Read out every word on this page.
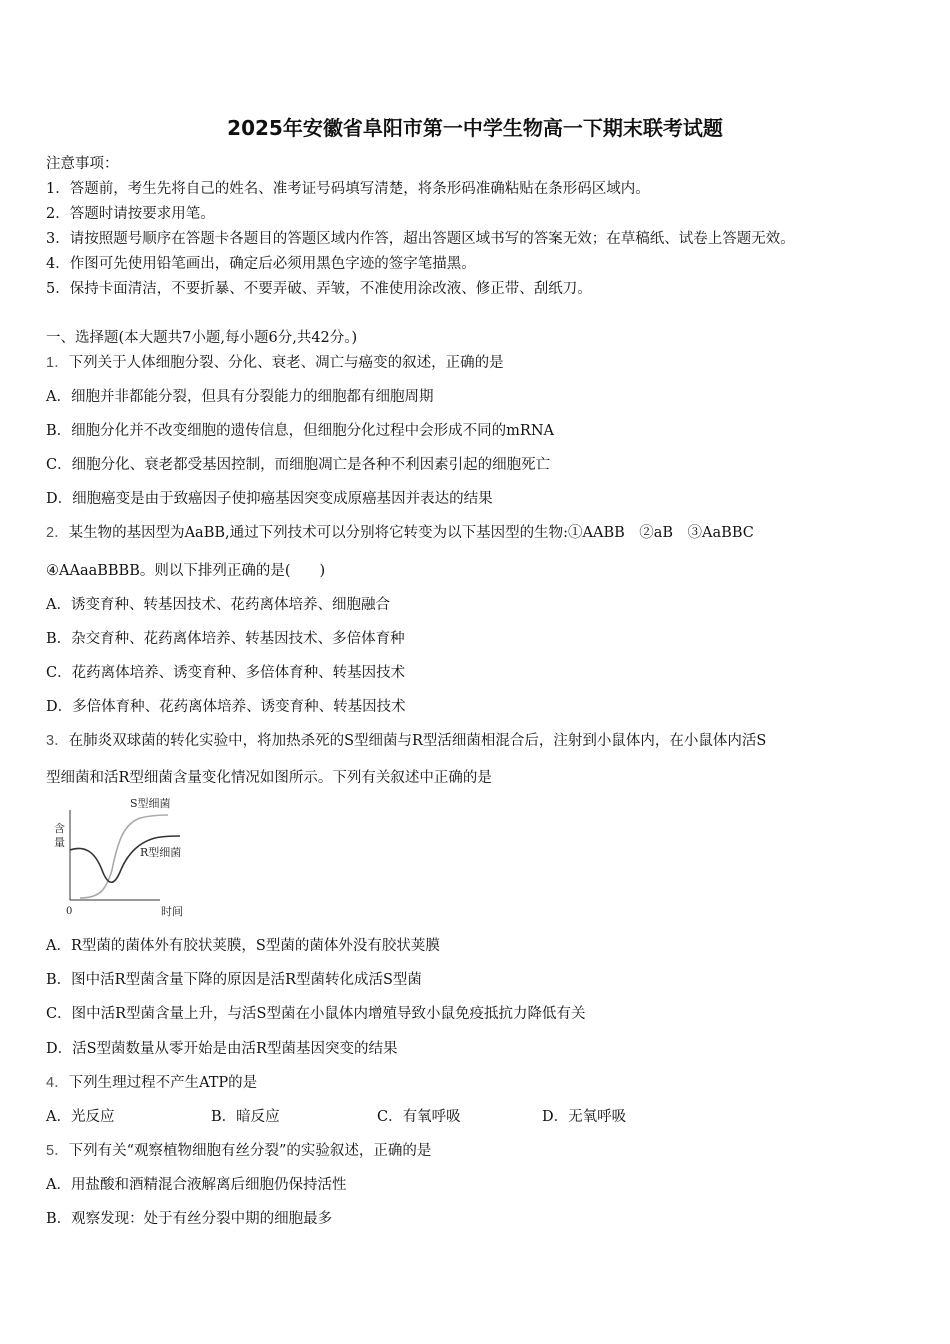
2025年安徽省阜阳市第一中学生物高一下期末联考试题
注意事项：
1．答题前，考生先将自己的姓名、准考证号码填写清楚，将条形码准确粘贴在条形码区域内。
2．答题时请按要求用笔。
3．请按照题号顺序在答题卡各题目的答题区域内作答，超出答题区域书写的答案无效；在草稿纸、试卷上答题无效。
4．作图可先使用铅笔画出，确定后必须用黑色字迹的签字笔描黑。
5．保持卡面清洁，不要折暴、不要弄破、弄皱，不准使用涂改液、修正带、刮纸刀。
一、选择题(本大题共7小题,每小题6分,共42分。)
1．下列关于人体细胞分裂、分化、衰老、凋亡与癌变的叙述，正确的是
A．细胞并非都能分裂，但具有分裂能力的细胞都有细胞周期
B．细胞分化并不改变细胞的遗传信息，但细胞分化过程中会形成不同的mRNA
C．细胞分化、衰老都受基因控制，而细胞凋亡是各种不利因素引起的细胞死亡
D．细胞癌变是由于致癌因子使抑癌基因突变成原癌基因并表达的结果
2．某生物的基因型为AaBB,通过下列技术可以分别将它转变为以下基因型的生物:①AABB　②aB　③AaBBC
④AAaaBBBB。则以下排列正确的是(　　)
A．诱变育种、转基因技术、花药离体培养、细胞融合
B．杂交育种、花药离体培养、转基因技术、多倍体育种
C．花药离体培养、诱变育种、多倍体育种、转基因技术
D．多倍体育种、花药离体培养、诱变育种、转基因技术
3．在肺炎双球菌的转化实验中，将加热杀死的S型细菌与R型活细菌相混合后，注射到小鼠体内，在小鼠体内活S
型细菌和活R型细菌含量变化情况如图所示。下列有关叙述中正确的是
含
量
0	时间
S型细菌
R型细菌
A．R型菌的菌体外有胶状荚膜，S型菌的菌体外没有胶状荚膜
B．图中活R型菌含量下降的原因是活R型菌转化成活S型菌
C．图中活R型菌含量上升，与活S型菌在小鼠体内增殖导致小鼠免疫抵抗力降低有关
D．活S型菌数量从零开始是由活R型菌基因突变的结果
4．下列生理过程不产生ATP的是
A．光反应	B．暗反应	C．有氧呼吸	D．无氧呼吸
5．下列有关“观察植物细胞有丝分裂”的实验叙述，正确的是
A．用盐酸和酒精混合液解离后细胞仍保持活性
B．观察发现：处于有丝分裂中期的细胞最多
